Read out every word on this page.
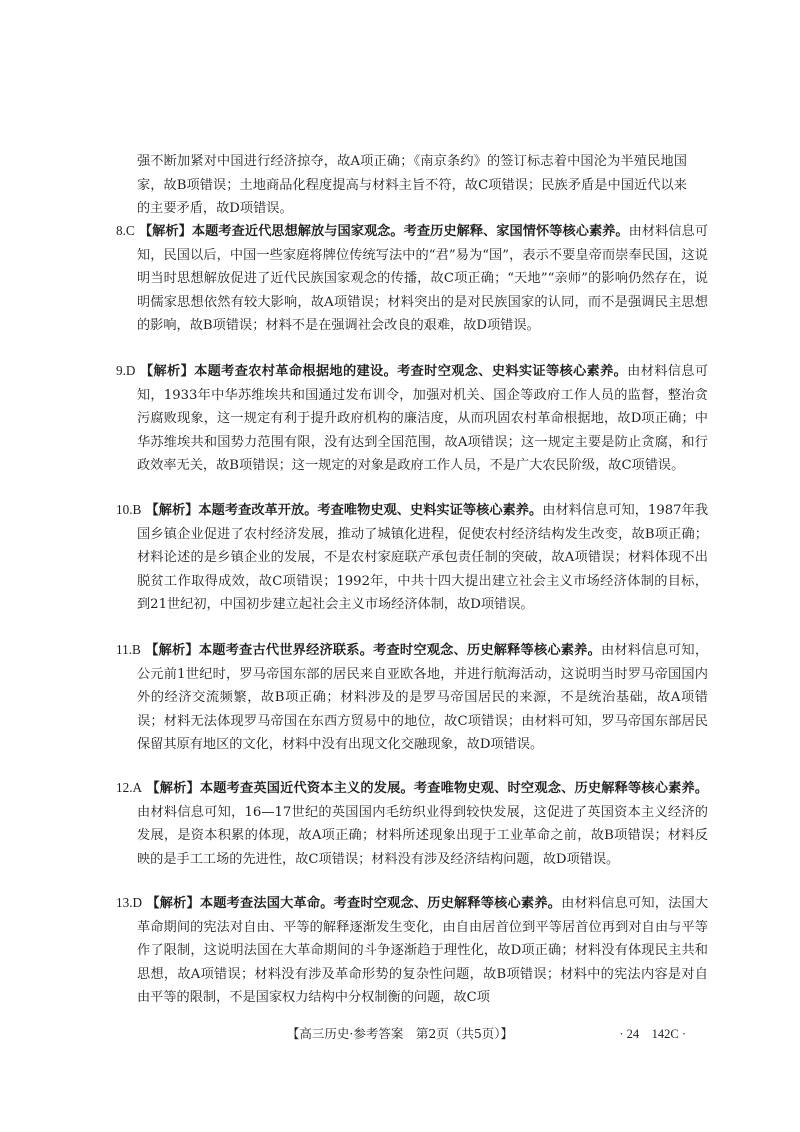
强不断加紧对中国进行经济掠夺，故A项正确；《南京条约》的签订标志着中国沦为半殖民地国家，故B项错误；土地商品化程度提高与材料主旨不符，故C项错误；民族矛盾是中国近代以来的主要矛盾，故D项错误。
8.C 【解析】本题考查近代思想解放与国家观念。考查历史解释、家国情怀等核心素养。由材料信息可知，民国以后，中国一些家庭将牌位传统写法中的“君”易为“国”，表示不要皇帝而崇奉民国，这说明当时思想解放促进了近代民族国家观念的传播，故C项正确；“天地”“亲师”的影响仍然存在，说明儒家思想依然有较大影响，故A项错误；材料突出的是对民族国家的认同，而不是强调民主思想的影响，故B项错误；材料不是在强调社会改良的艰难，故D项错误。
9.D 【解析】本题考查农村革命根据地的建设。考查时空观念、史料实证等核心素养。由材料信息可知，1933年中华苏维埃共和国通过发布训令，加强对机关、国企等政府工作人员的监督，整治贪污腐败现象，这一规定有利于提升政府机构的廉洁度，从而巩固农村革命根据地，故D项正确；中华苏维埃共和国势力范围有限，没有达到全国范围，故A项错误；这一规定主要是防止贪腐，和行政效率无关，故B项错误；这一规定的对象是政府工作人员，不是广大农民阶级，故C项错误。
10.B 【解析】本题考查改革开放。考查唯物史观、史料实证等核心素养。由材料信息可知，1987年我国乡镇企业促进了农村经济发展，推动了城镇化进程，促使农村经济结构发生改变，故B项正确；材料论述的是乡镇企业的发展，不是农村家庭联产承包责任制的突破，故A项错误；材料体现不出脱贫工作取得成效，故C项错误；1992年，中共十四大提出建立社会主义市场经济体制的目标，到21世纪初，中国初步建立起社会主义市场经济体制，故D项错误。
11.B 【解析】本题考查古代世界经济联系。考查时空观念、历史解释等核心素养。由材料信息可知，公元前1世纪时，罗马帝国东部的居民来自亚欧各地，并进行航海活动，这说明当时罗马帝国国内外的经济交流频繁，故B项正确；材料涉及的是罗马帝国居民的来源，不是统治基础，故A项错误；材料无法体现罗马帝国在东西方贸易中的地位，故C项错误；由材料可知，罗马帝国东部居民保留其原有地区的文化，材料中没有出现文化交融现象，故D项错误。
12.A 【解析】本题考查英国近代资本主义的发展。考查唯物史观、时空观念、历史解释等核心素养。由材料信息可知，16—17世纪的英国国内毛纺织业得到较快发展，这促进了英国资本主义经济的发展，是资本积累的体现，故A项正确；材料所述现象出现于工业革命之前，故B项错误；材料反映的是手工工场的先进性，故C项错误；材料没有涉及经济结构问题，故D项错误。
13.D 【解析】本题考查法国大革命。考查时空观念、历史解释等核心素养。由材料信息可知，法国大革命期间的宪法对自由、平等的解释逐渐发生变化，由自由居首位到平等居首位再到对自由与平等作了限制，这说明法国在大革命期间的斗争逐渐趋于理性化，故D项正确；材料没有体现民主共和思想，故A项错误；材料没有涉及革命形势的复杂性问题，故B项错误；材料中的宪法内容是对自由平等的限制，不是国家权力结构中分权制衡的问题，故C项
【高三历史·参考答案　第2页（共5页）】	· 24　142C ·
